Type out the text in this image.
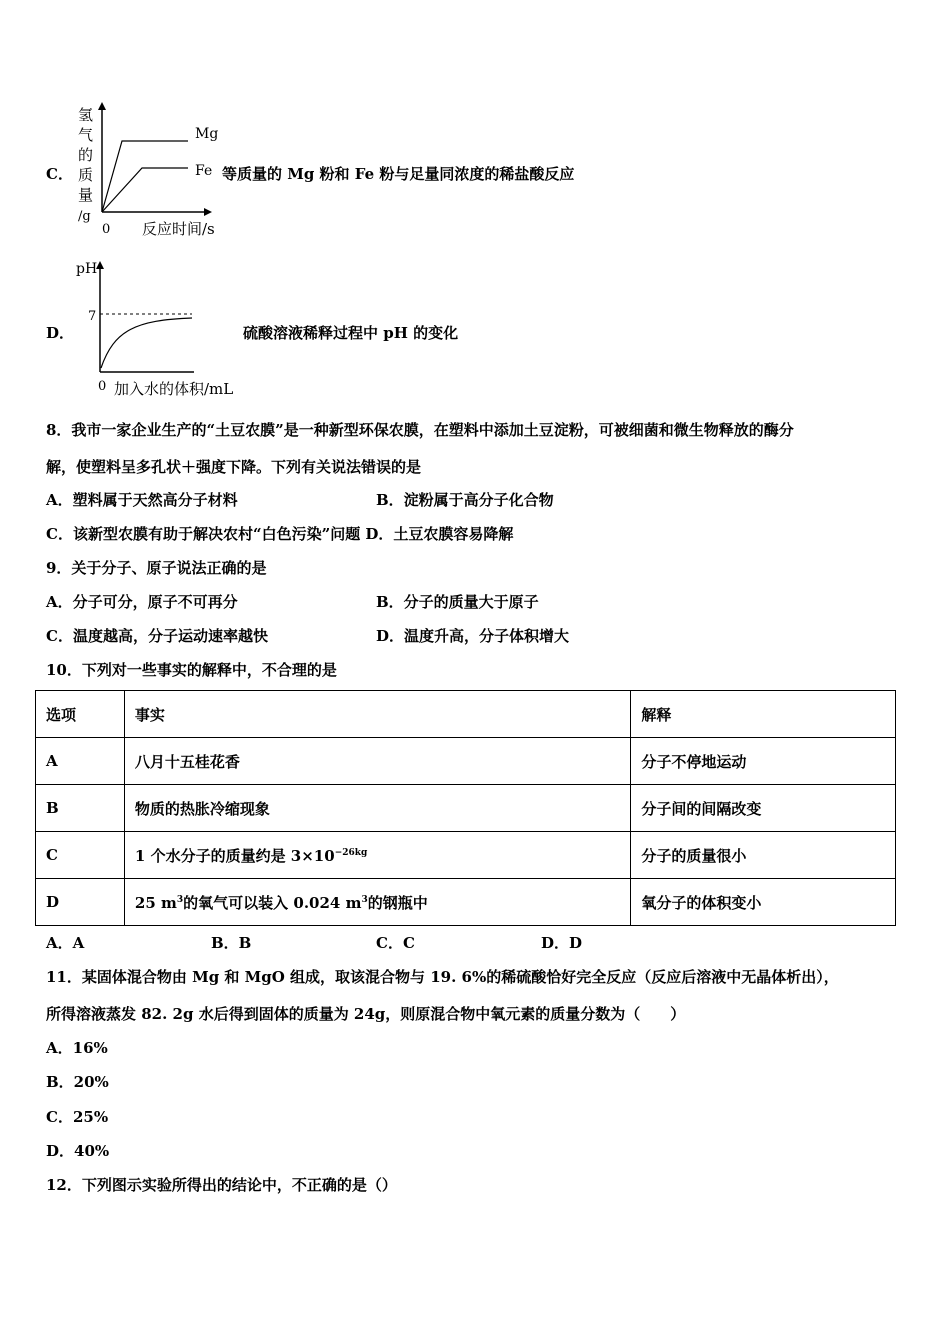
C．
氢
气
的
质
量
/g
Mg
Fe
0 反应时间/s
等质量的 Mg 粉和 Fe 粉与足量同浓度的稀盐酸反应
D．
pH
7
0 加入水的体积/mL
硫酸溶液稀释过程中 pH 的变化
8．我市一家企业生产的“土豆农膜”是一种新型环保农膜，在塑料中添加土豆淀粉，可被细菌和微生物释放的酶分
解，使塑料呈多孔状＋强度下降。下列有关说法错误的是
A．塑料属于天然高分子材料	B．淀粉属于高分子化合物
C．该新型农膜有助于解决农村“白色污染”问题 D．土豆农膜容易降解
9．关于分子、原子说法正确的是
A．分子可分，原子不可再分	B．分子的质量大于原子
C．温度越高，分子运动速率越快	D．温度升高，分子体积增大
10．下列对一些事实的解释中，不合理的是
选项	事实	解释
A	八月十五桂花香	分子不停地运动
B	物质的热胀冷缩现象	分子间的间隔改变
C	1 个水分子的质量约是 $3\times 10^{-26kg}$	分子的质量很小
D	25 $m^3$的氧气可以装入 0.024 $m^3$的钢瓶中	氧分子的体积变小
A．A	B．B	C．C	D．D
11．某固体混合物由 Mg 和 MgO 组成，取该混合物与 19. 6%的稀硫酸恰好完全反应（反应后溶液中无晶体析出），
所得溶液蒸发 82. 2g 水后得到固体的质量为 24g，则原混合物中氧元素的质量分数为（　　）
A．16%
B．20%
C．25%
D．40%
12．下列图示实验所得出的结论中，不正确的是（）
